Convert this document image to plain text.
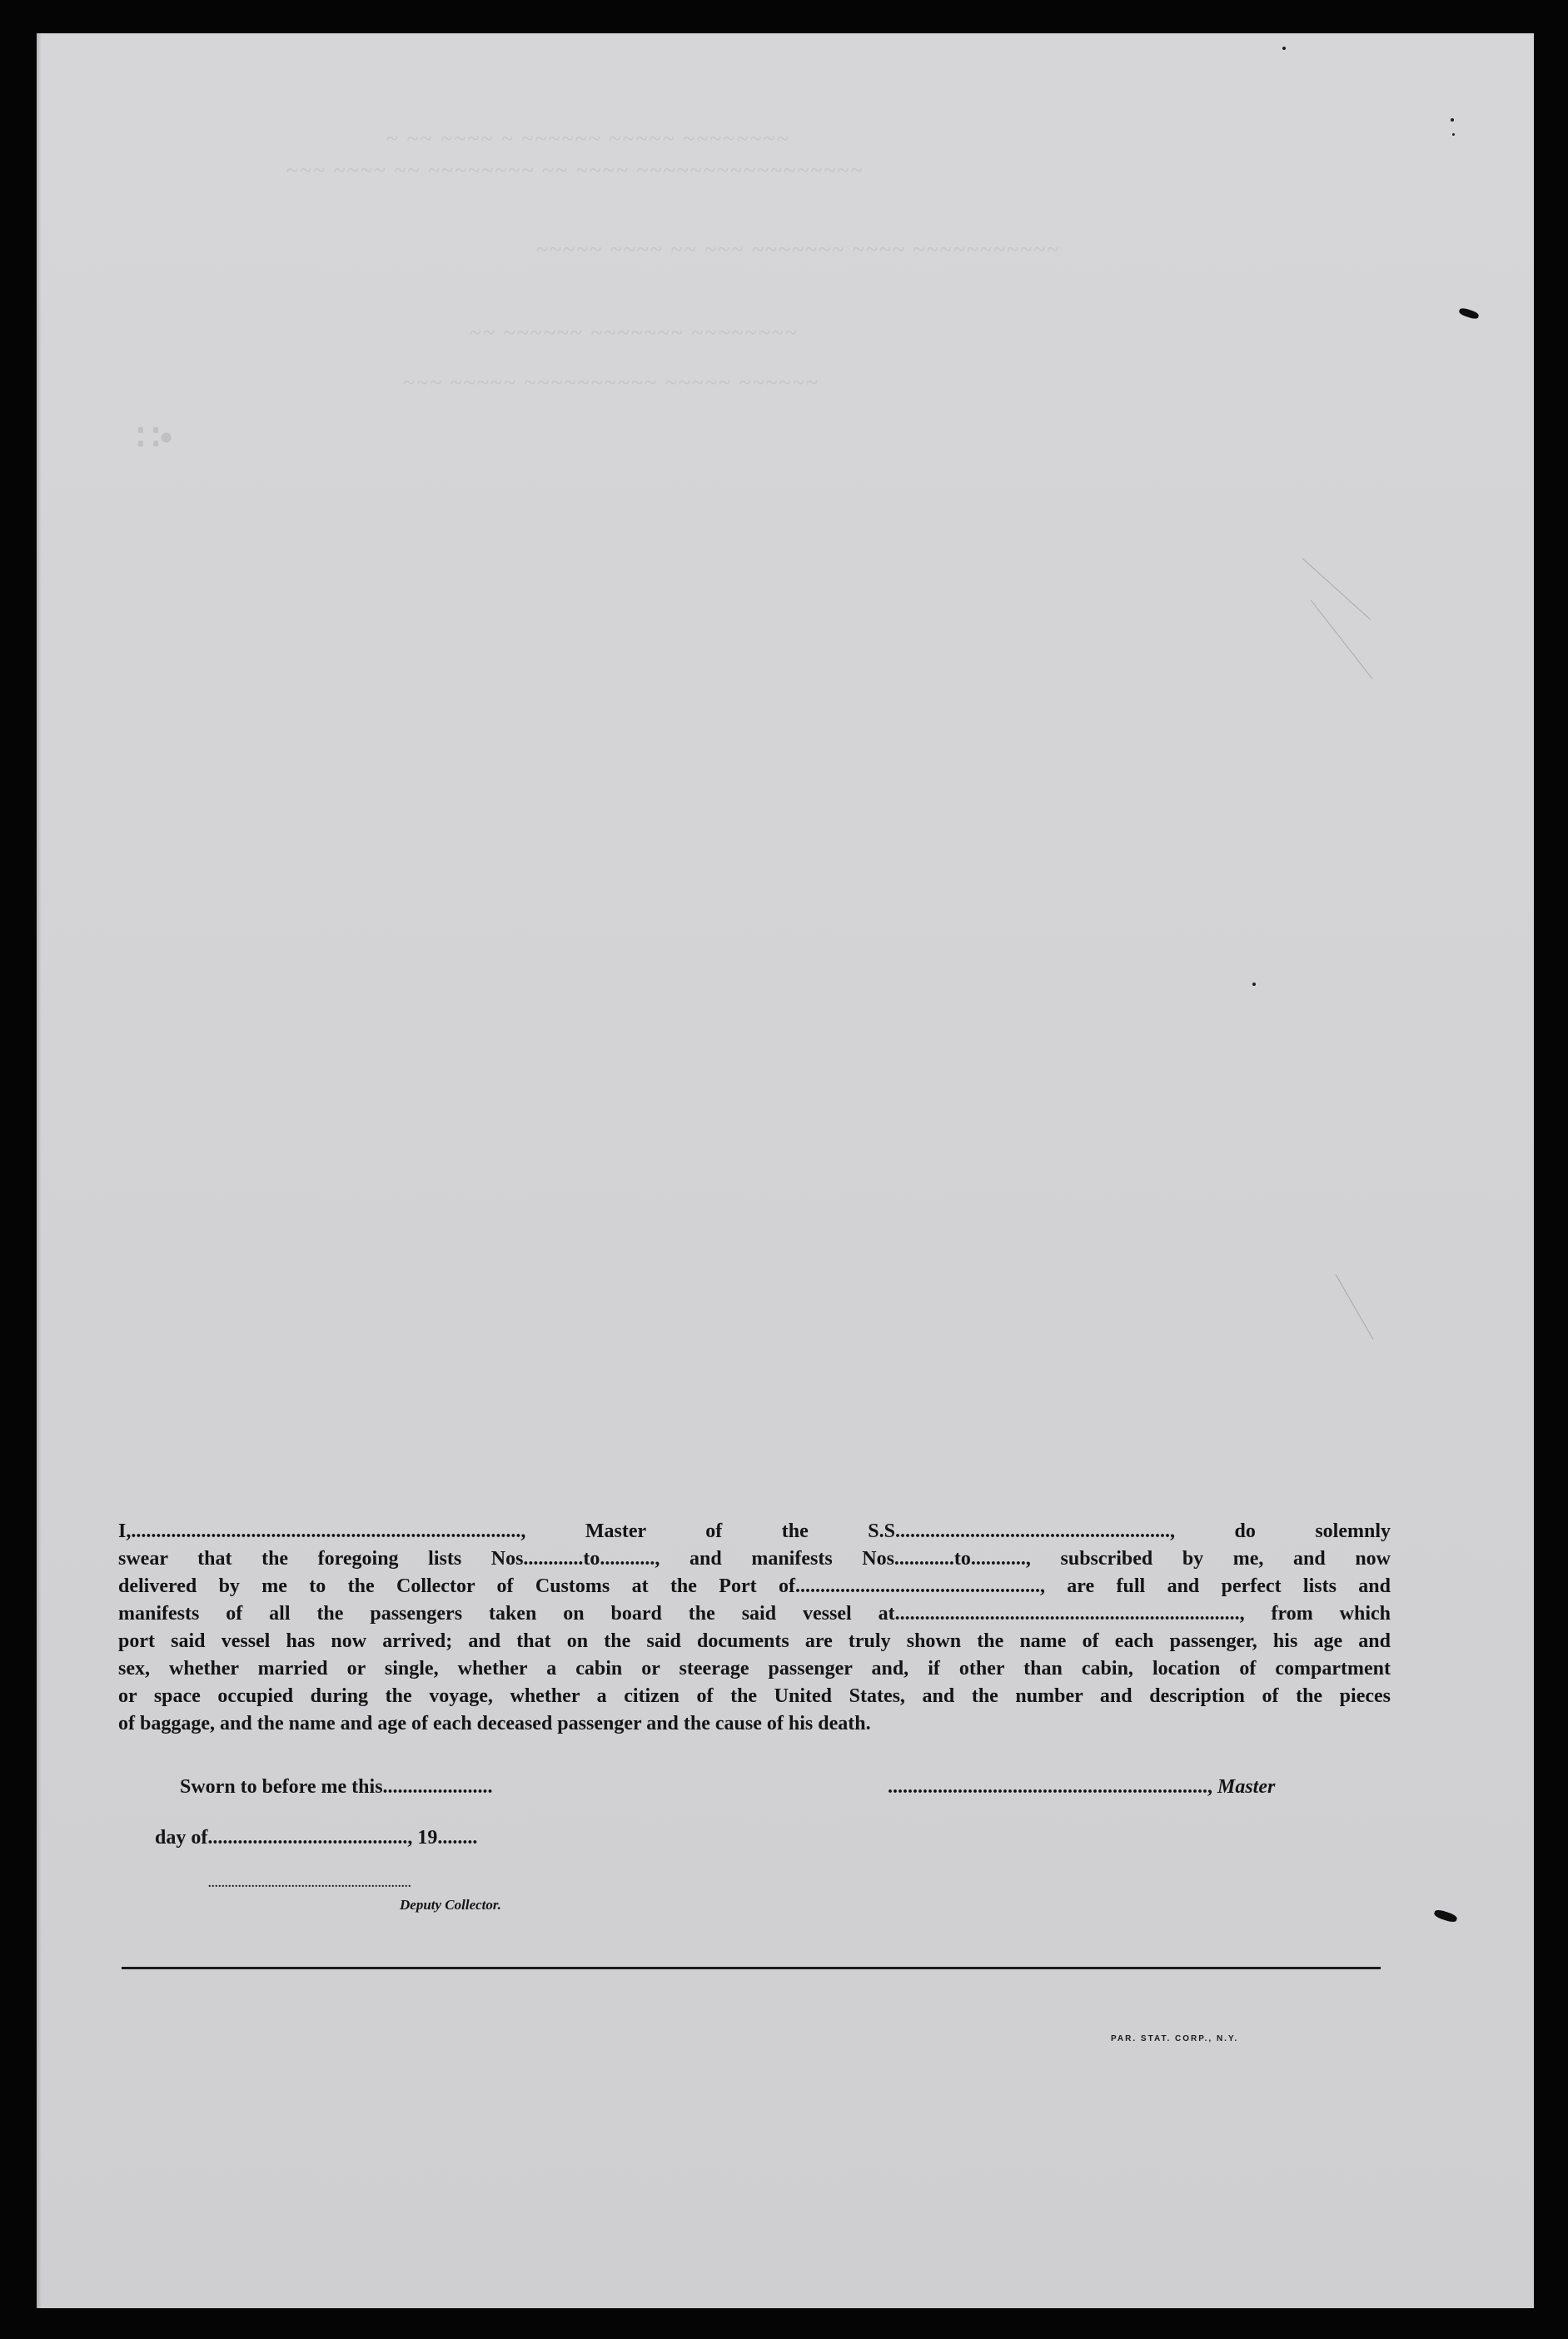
~ ~~ ~~~~ ~ ~~~~~~ ~~~~~ ~~~~~~~~
~~~ ~~~~ ~~ ~~~~~~~~ ~~ ~~~~ ~~~~~~~~~~~~~~~~~
~~~~~ ~~~~ ~~ ~~~ ~~~~~~~ ~~~~ ~~~~~~~~~~~
~~ ~~~~~~ ~~~~~~~ ~~~~~~~~
~~~ ~~~~~ ~~~~~~~~~~ ~~~~~ ~~~~~~
∷•
I,.............................................................................., Master of the S.S......................................................., do solemnly
swear that the foregoing lists Nos............to..........., and manifests Nos............to..........., subscribed by me, and now
delivered by me to the Collector of Customs at the Port of................................................., are full and perfect lists and
manifests of all the passengers taken on board the said vessel at....................................................................., from which
port said vessel has now arrived; and that on the said documents are truly shown the name of each passenger, his age and
sex, whether married or single, whether a cabin or steerage passenger and, if other than cabin, location of compartment
or space occupied during the voyage, whether a citizen of the United States, and the number and description of the pieces
of baggage, and the name and age of each deceased passenger and the cause of his death.
Sworn to before me this......................	................................................................, Master
day of........................................, 19........
.............................................................
Deputy Collector.
PAR. STAT. CORP., N.Y.
